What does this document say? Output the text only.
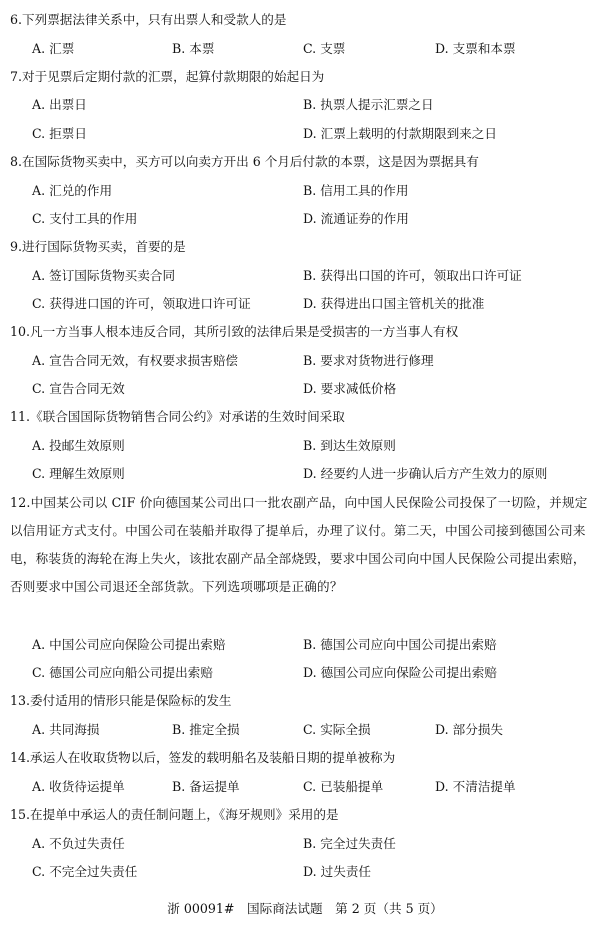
6.下列票据法律关系中，只有出票人和受款人的是
A. 汇票	B. 本票	C. 支票	D. 支票和本票
7.对于见票后定期付款的汇票，起算付款期限的始起日为
A. 出票日	B. 执票人提示汇票之日
C. 拒票日	D. 汇票上载明的付款期限到来之日
8.在国际货物买卖中，买方可以向卖方开出 6 个月后付款的本票，这是因为票据具有
A. 汇兑的作用	B. 信用工具的作用
C. 支付工具的作用	D. 流通证券的作用
9.进行国际货物买卖，首要的是
A. 签订国际货物买卖合同	B. 获得出口国的许可，领取出口许可证
C. 获得进口国的许可，领取进口许可证	D. 获得进出口国主管机关的批准
10.凡一方当事人根本违反合同，其所引致的法律后果是受损害的一方当事人有权
A. 宣告合同无效，有权要求损害赔偿	B. 要求对货物进行修理
C. 宣告合同无效	D. 要求减低价格
11.《联合国国际货物销售合同公约》对承诺的生效时间采取
A. 投邮生效原则	B. 到达生效原则
C. 理解生效原则	D. 经要约人进一步确认后方产生效力的原则
12.中国某公司以 CIF 价向德国某公司出口一批农副产品，向中国人民保险公司投保了一切险，并规定以信用证方式支付。中国公司在装船并取得了提单后，办理了议付。第二天，中国公司接到德国公司来电，称装货的海轮在海上失火，该批农副产品全部烧毁，要求中国公司向中国人民保险公司提出索赔，否则要求中国公司退还全部货款。下列选项哪项是正确的？
A. 中国公司应向保险公司提出索赔	B. 德国公司应向中国公司提出索赔
C. 德国公司应向船公司提出索赔	D. 德国公司应向保险公司提出索赔
13.委付适用的情形只能是保险标的发生
A. 共同海损	B. 推定全损	C. 实际全损	D. 部分损失
14.承运人在收取货物以后，签发的载明船名及装船日期的提单被称为
A. 收货待运提单	B. 备运提单	C. 已装船提单	D. 不清洁提单
15.在提单中承运人的责任制问题上，《海牙规则》采用的是
A. 不负过失责任	B. 完全过失责任
C. 不完全过失责任	D. 过失责任
浙 00091#　国际商法试题　第 2 页（共 5 页）
